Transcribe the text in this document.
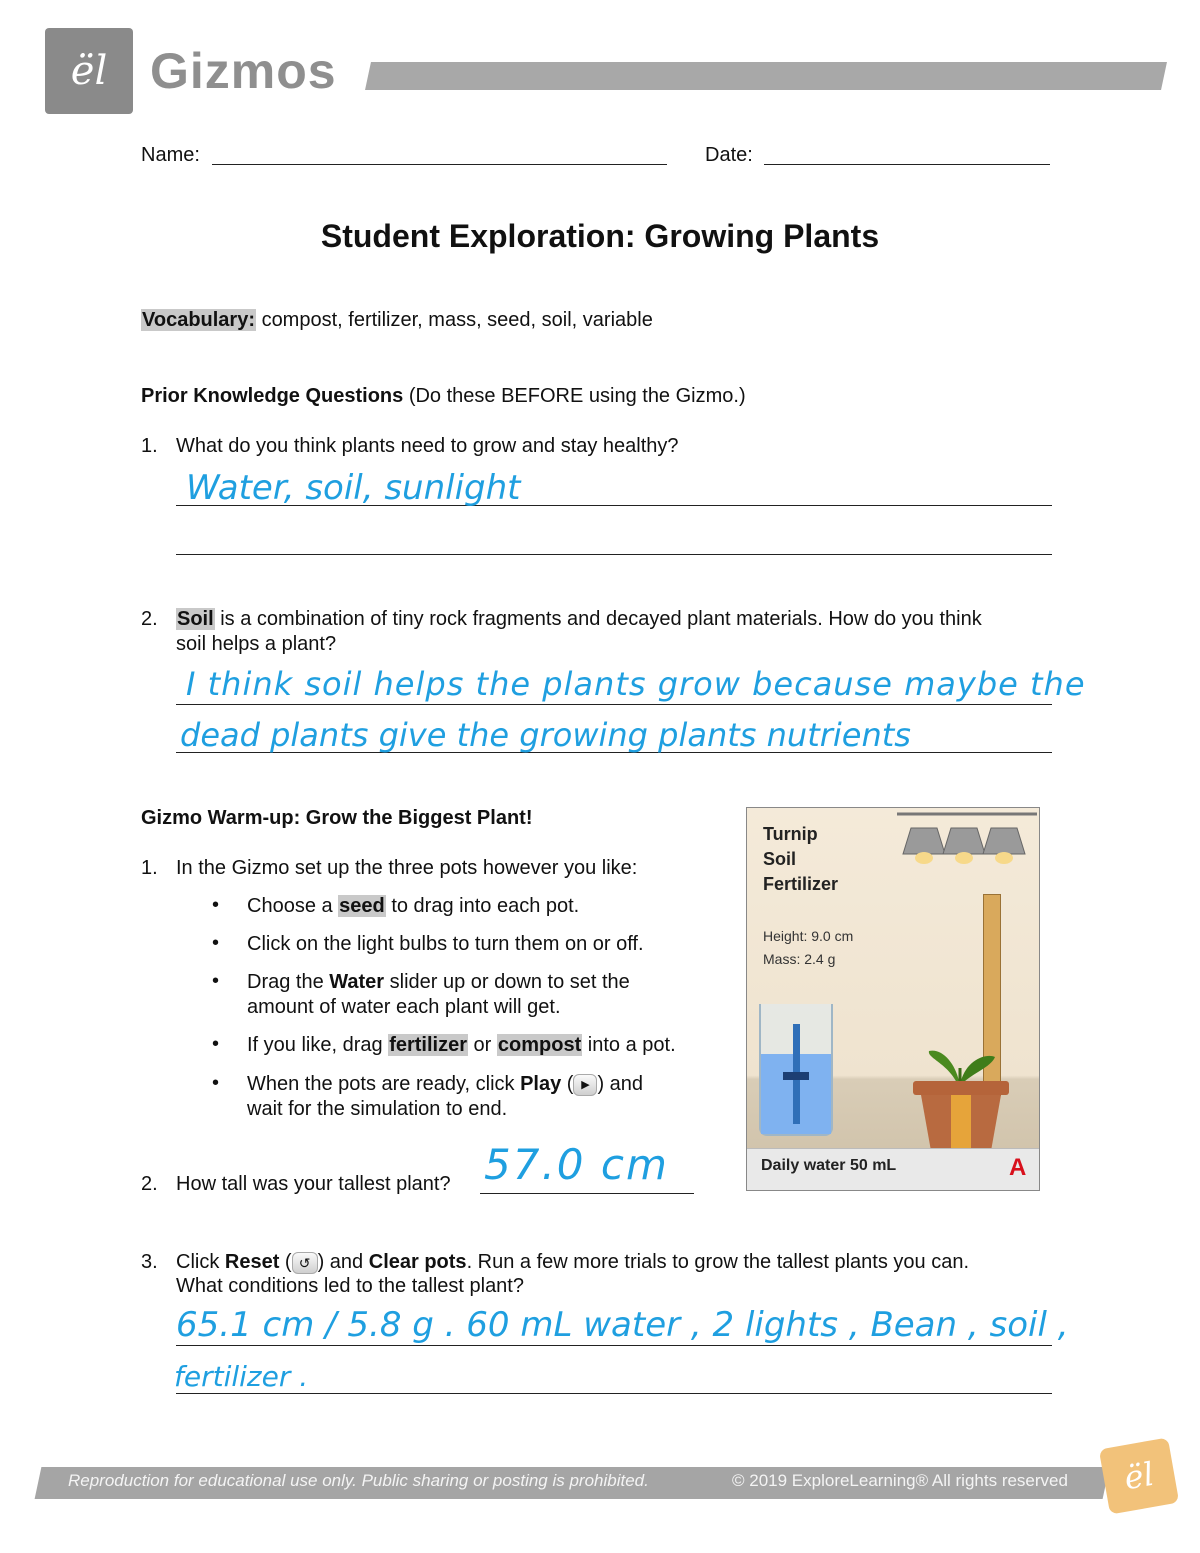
ël Gizmos
Name:	Date:
Student Exploration: Growing Plants
Vocabulary: compost, fertilizer, mass, seed, soil, variable
Prior Knowledge Questions (Do these BEFORE using the Gizmo.)
1. What do you think plants need to grow and stay healthy?
Water, soil, sunlight
2. Soil is a combination of tiny rock fragments and decayed plant materials. How do you think
soil helps a plant?
I think soil helps the plants grow because maybe the
dead plants give the growing plants nutrients
Gizmo Warm-up: Grow the Biggest Plant!
1. In the Gizmo set up the three pots however you like:
• Choose a seed to drag into each pot.
• Click on the light bulbs to turn them on or off.
• Drag the Water slider up or down to set the
amount of water each plant will get.
• If you like, drag fertilizer or compost into a pot.
• When the pots are ready, click Play ( ▶ ) and
wait for the simulation to end.
2. How tall was your tallest plant? 57.0 cm
Turnip
Soil
Fertilizer
Height: 9.0 cm
Mass: 2.4 g
Daily water 50 mL	A
3. Click Reset ( ↺ ) and Clear pots. Run a few more trials to grow the tallest plants you can.
What conditions led to the tallest plant?
65.1 cm / 5.8 g . 60 mL water , 2 lights , Bean , soil ,
fertilizer .
Reproduction for educational use only. Public sharing or posting is prohibited.	© 2019 ExploreLearning® All rights reserved ël
